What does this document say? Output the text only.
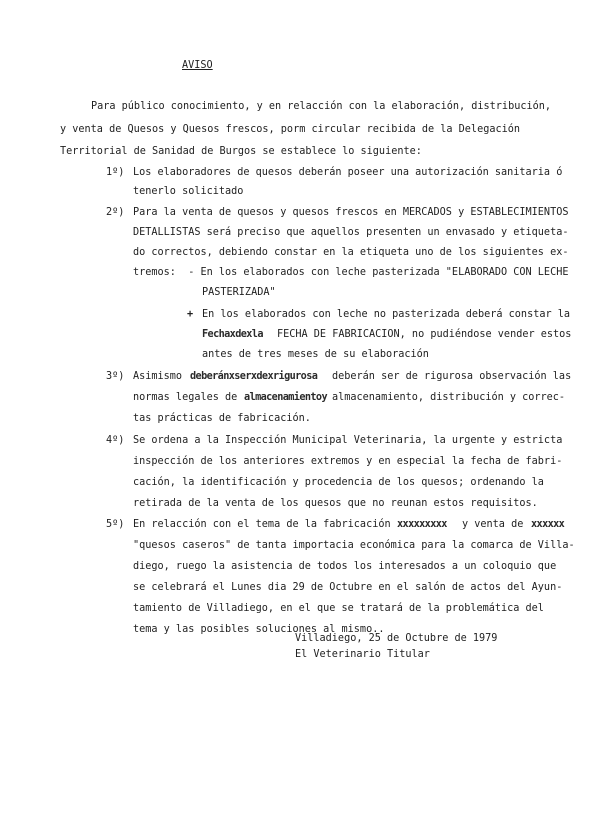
AVISO
Para público conocimiento, y en relacción con la elaboración, distribución,
y venta de Quesos y Quesos frescos, porm circular recibida de la Delegación
Territorial de Sanidad de Burgos se establece lo siguiente:
1º) Los elaboradores de quesos deberán poseer una autorización sanitaria ó
tenerlo solicitado
2º) Para la venta de quesos y quesos frescos en MERCADOS y ESTABLECIMIENTOS
DETALLISTAS será preciso que aquellos presenten un envasado y etiqueta-
do correctos, debiendo constar en la etiqueta uno de los siguientes ex-
tremos:  - En los elaborados con leche pasterizada "ELABORADO CON LECHE
PASTERIZADA"
+ En los elaborados con leche no pasterizada deberá constar la
Fechaxdexla FECHA DE FABRICACION, no pudiéndose vender estos
antes de tres meses de su elaboración
3º) Asimismo deberánxserxdexrigurosa deberán ser de rigurosa observación las
normas legales de almacenamientoy almacenamiento, distribución y correc-
tas prácticas de fabricación.
4º) Se ordena a la Inspección Municipal Veterinaria, la urgente y estricta
inspección de los anteriores extremos y en especial la fecha de fabri-
cación, la identificación y procedencia de los quesos; ordenando la
retirada de la venta de los quesos que no reunan estos requisitos.
5º) En relacción con el tema de la fabricación xxxxxxxxx y venta de xxxxxx
"quesos caseros" de tanta importacia económica para la comarca de Villa-
diego, ruego la asistencia de todos los interesados a un coloquio que
se celebrará el Lunes dia 29 de Octubre en el salón de actos del Ayun-
tamiento de Villadiego, en el que se tratará de la problemática del
tema y las posibles soluciones al mismo..
Villadiego, 25 de Octubre de 1979
El Veterinario Titular
